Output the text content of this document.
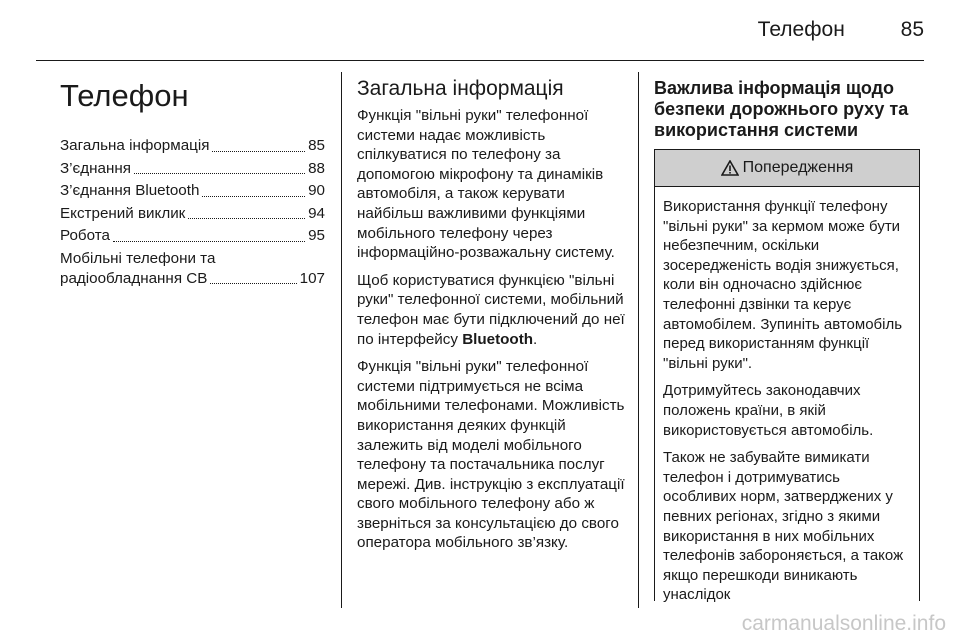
Телефон	85
Телефон
Загальна інформація	85
З’єднання	88
З’єднання Bluetooth	90
Екстрений виклик	94
Робота	95
Мобільні телефони та
радіообладнання CB	107
Загальна інформація

Функція "вільні руки" телефонної системи надає можливість спілкуватися по телефону за допомогою мікрофону та динаміків автомобіля, а також керувати найбільш важливими функціями мобільного телефону через інформаційно-розважальну систему.

Щоб користуватися функцією "вільні руки" телефонної системи, мобільний телефон має бути підключений до неї по інтерфейсу Bluetooth.

Функція "вільні руки" телефонної системи підтримується не всіма мобільними телефонами. Можливість використання деяких функцій залежить від моделі мобільного телефону та постачальника послуг мережі. Див. інструкцію з експлуатації свого мобільного телефону або ж зверніться за консультацією до свого оператора мобільного зв’язку.

Важлива інформація щодо безпеки дорожнього руху та використання системи
Попередження

Використання функції телефону "вільні руки" за кермом може бути небезпечним, оскільки зосередженість водія знижується, коли він одночасно здійснює телефонні дзвінки та керує автомобілем. Зупиніть автомобіль перед використанням функції "вільні руки".

Дотримуйтесь законодавчих положень країни, в якій використовується автомобіль.

Також не забувайте вимикати телефон і дотримуватись особливих норм, затверджених у певних регіонах, згідно з якими використання в них мобільних телефонів забороняється, а також якщо перешкоди виникають унаслідок

carmanualsonline.info
